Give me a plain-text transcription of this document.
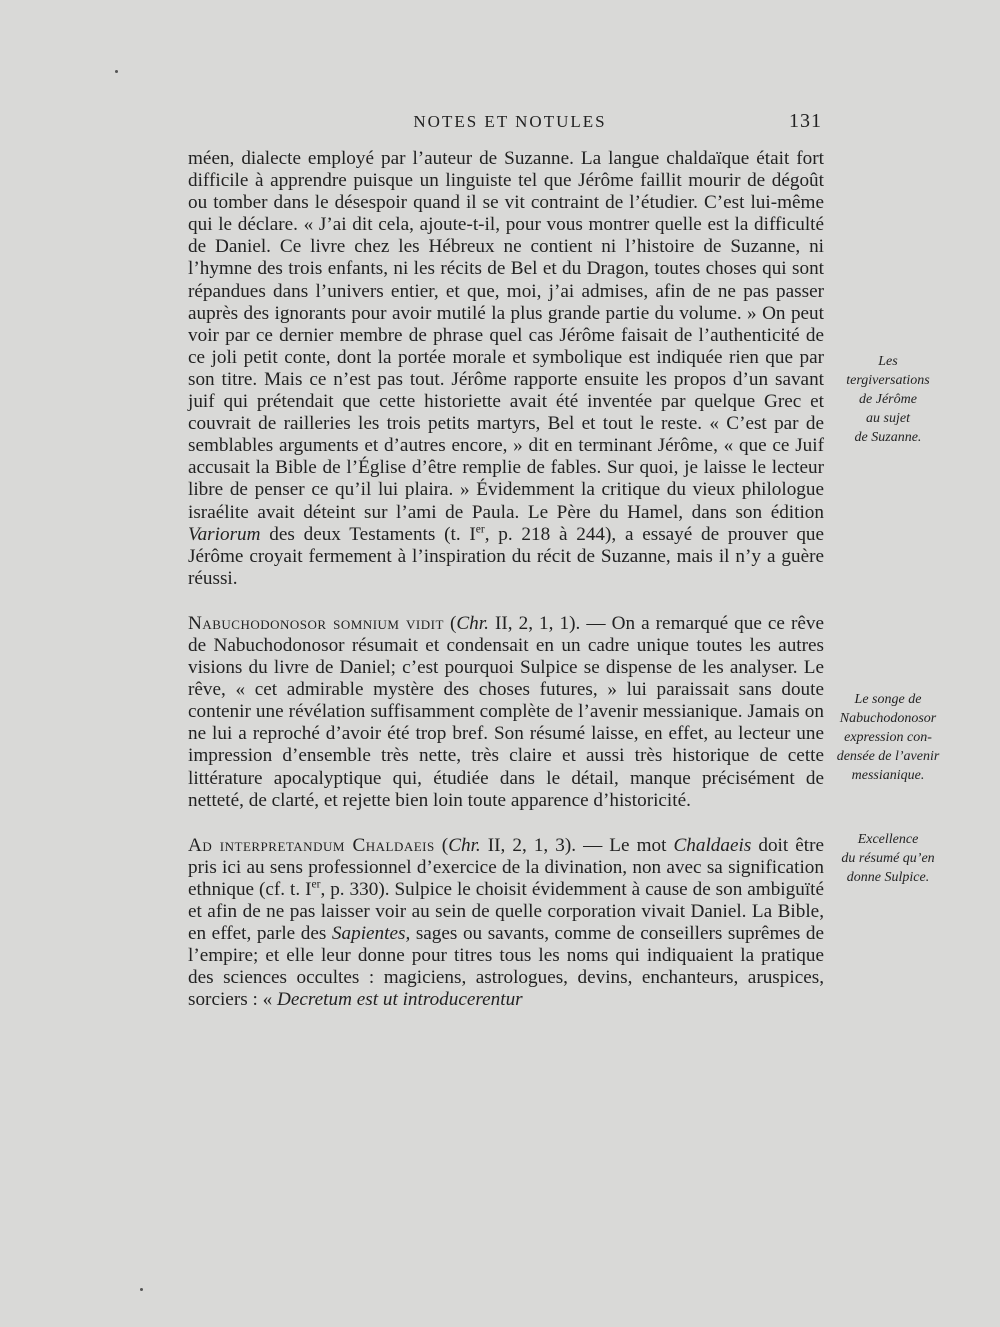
NOTES ET NOTULES	131

méen, dialecte employé par l’auteur de Suzanne. La langue chaldaïque était fort difficile à apprendre puisque un linguiste tel que Jérôme faillit mourir de dégoût ou tomber dans le désespoir quand il se vit contraint de l’étudier. C’est lui-même qui le déclare. « J’ai dit cela, ajoute-t-il, pour vous montrer quelle est la difficulté de Daniel. Ce livre chez les Hébreux ne contient ni l’histoire de Suzanne, ni l’hymne des trois enfants, ni les récits de Bel et du Dragon, toutes choses qui sont répandues dans l’univers entier, et que, moi, j’ai admises, afin de ne pas passer auprès des ignorants pour avoir mutilé la plus grande partie du volume. » On peut voir par ce dernier membre de phrase quel cas Jérôme faisait de l’authenticité de ce joli petit conte, dont la portée morale et symbolique est indiquée rien que par son titre. Mais ce n’est pas tout. Jérôme rapporte ensuite les propos d’un savant juif qui prétendait que cette historiette avait été inventée par quelque Grec et couvrait de railleries les trois petits martyrs, Bel et tout le reste. « C’est par de semblables arguments et d’autres encore, » dit en terminant Jérôme, « que ce Juif accusait la Bible de l’Église d’être remplie de fables. Sur quoi, je laisse le lecteur libre de penser ce qu’il lui plaira. » Évidemment la critique du vieux philologue israélite avait déteint sur l’ami de Paula. Le Père du Hamel, dans son édition Variorum des deux Testaments (t. Ier, p. 218 à 244), a essayé de prouver que Jérôme croyait fermement à l’inspiration du récit de Suzanne, mais il n’y a guère réussi.

Nabuchodonosor somnium vidit (Chr. II, 2, 1, 1). — On a remarqué que ce rêve de Nabuchodonosor résumait et condensait en un cadre unique toutes les autres visions du livre de Daniel; c’est pourquoi Sulpice se dispense de les analyser. Le rêve, « cet admirable mystère des choses futures, » lui paraissait sans doute contenir une révélation suffisamment complète de l’avenir messianique. Jamais on ne lui a reproché d’avoir été trop bref. Son résumé laisse, en effet, au lecteur une impression d’ensemble très nette, très claire et aussi très historique de cette littérature apocalyptique qui, étudiée dans le détail, manque précisément de netteté, de clarté, et rejette bien loin toute apparence d’historicité.

Ad interpretandum Chaldaeis (Chr. II, 2, 1, 3). — Le mot Chaldaeis doit être pris ici au sens professionnel d’exercice de la divination, non avec sa signification ethnique (cf. t. Ier, p. 330). Sulpice le choisit évidemment à cause de son ambiguïté et afin de ne pas laisser voir au sein de quelle corporation vivait Daniel. La Bible, en effet, parle des Sapientes, sages ou savants, comme de conseillers suprêmes de l’empire; et elle leur donne pour titres tous les noms qui indiquaient la pratique des sciences occultes : magiciens, astrologues, devins, enchanteurs, aruspices, sorciers : « Decretum est ut introducerentur

Les
tergiversations
de Jérôme
au sujet
de Suzanne.
Le songe de
Nabuchodonosor
expression con-
densée de l’avenir
messianique.
Excellence
du résumé qu’en
donne Sulpice.
